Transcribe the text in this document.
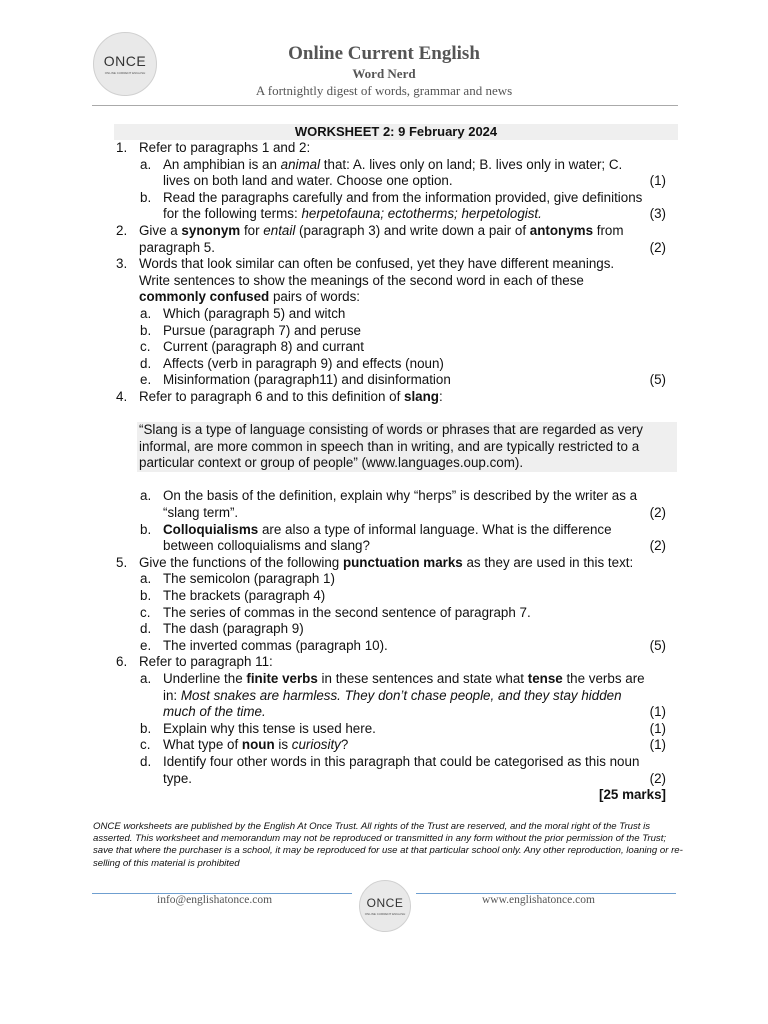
ONCE
ONLINE CURRENT ENGLISH
Online Current English
Word Nerd
A fortnightly digest of words, grammar and news
WORKSHEET 2: 9 February 2024
1. Refer to paragraphs 1 and 2:
a. An amphibian is an animal that: A. lives only on land; B. lives only in water; C.
lives on both land and water. Choose one option.	(1)
b. Read the paragraphs carefully and from the information provided, give definitions
for the following terms: herpetofauna; ectotherms; herpetologist.	(3)
2. Give a synonym for entail (paragraph 3) and write down a pair of antonyms from
paragraph 5.	(2)
3. Words that look similar can often be confused, yet they have different meanings.
Write sentences to show the meanings of the second word in each of these
commonly confused pairs of words:
a. Which (paragraph 5) and witch
b. Pursue (paragraph 7) and peruse
c. Current (paragraph 8) and currant
d. Affects (verb in paragraph 9) and effects (noun)
e. Misinformation (paragraph11) and disinformation	(5)
4. Refer to paragraph 6 and to this definition of slang:
“Slang is a type of language consisting of words or phrases that are regarded as very
informal, are more common in speech than in writing, and are typically restricted to a
particular context or group of people” (www.languages.oup.com).
a. On the basis of the definition, explain why “herps” is described by the writer as a
“slang term”.	(2)
b. Colloquialisms are also a type of informal language. What is the difference
between colloquialisms and slang?	(2)
5. Give the functions of the following punctuation marks as they are used in this text:
a. The semicolon (paragraph 1)
b. The brackets (paragraph 4)
c. The series of commas in the second sentence of paragraph 7.
d. The dash (paragraph 9)
e. The inverted commas (paragraph 10).	(5)
6. Refer to paragraph 11:
a. Underline the finite verbs in these sentences and state what tense the verbs are
in: Most snakes are harmless. They don’t chase people, and they stay hidden
much of the time.	(1)
b. Explain why this tense is used here.	(1)
c. What type of noun is curiosity?	(1)
d. Identify four other words in this paragraph that could be categorised as this noun
type.	(2)
[25 marks]
ONCE worksheets are published by the English At Once Trust. All rights of the Trust are reserved, and the moral right of the Trust is asserted. This worksheet and memorandum may not be reproduced or transmitted in any form without the prior permission of the Trust; save that where the purchaser is a school, it may be reproduced for use at that particular school only. Any other reproduction, loaning or re-selling of this material is prohibited
info@englishatonce.com	www.englishatonce.com
ONCE
ONLINE CURRENT ENGLISH
